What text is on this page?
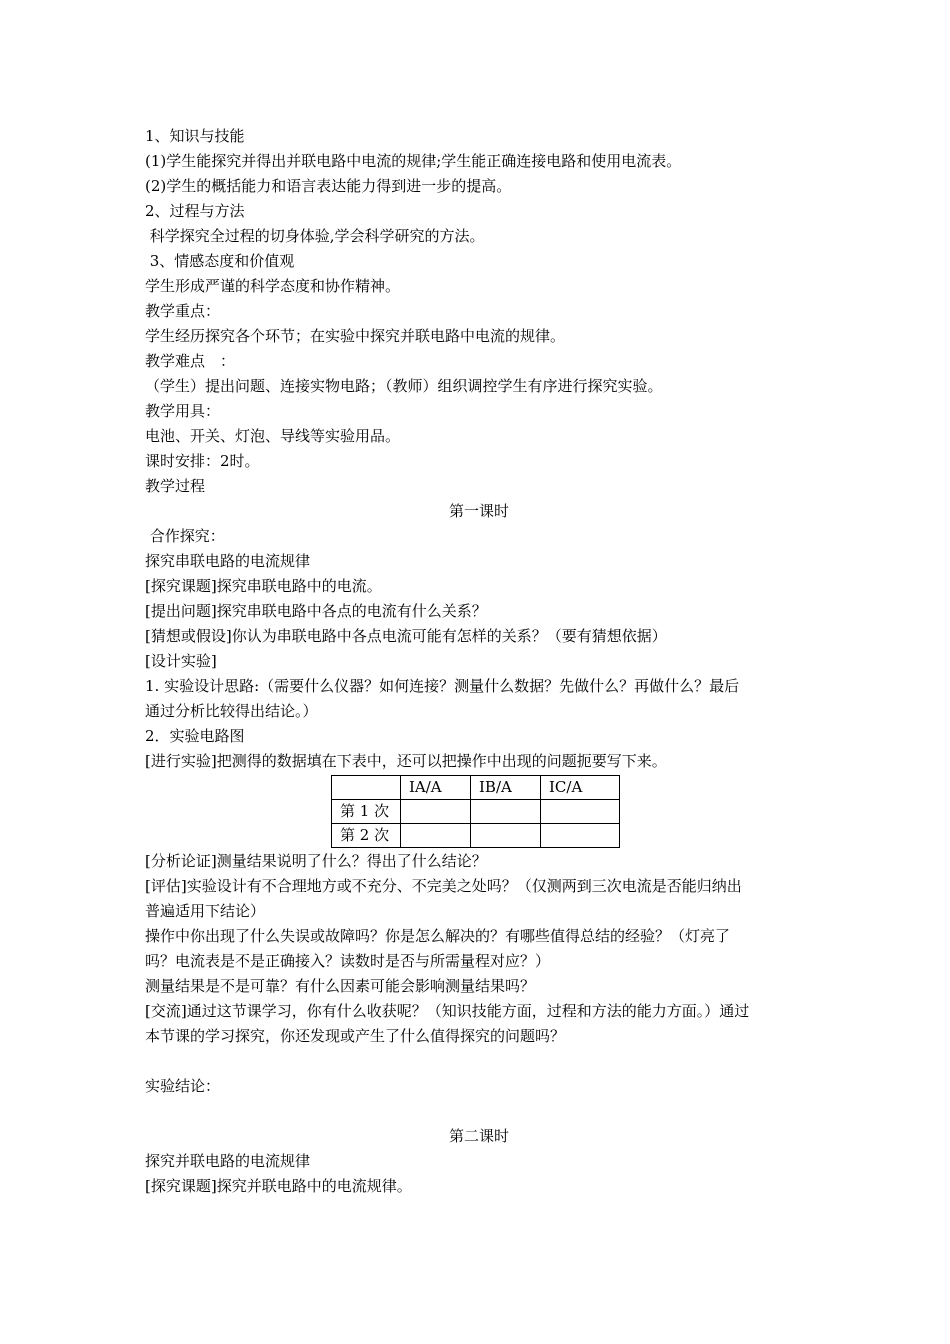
1、知识与技能
(1)学生能探究并得出并联电路中电流的规律;学生能正确连接电路和使用电流表。
(2)学生的概括能力和语言表达能力得到进一步的提高。
2、过程与方法
科学探究全过程的切身体验,学会科学研究的方法。
3、情感态度和价值观
学生形成严谨的科学态度和协作精神。
教学重点：
学生经历探究各个环节；在实验中探究并联电路中电流的规律。
教学难点　：
（学生）提出问题、连接实物电路；（教师）组织调控学生有序进行探究实验。
教学用具：
电池、开关、灯泡、导线等实验用品。
课时安排：2时。
教学过程
第一课时
合作探究：
探究串联电路的电流规律
[探究课题]探究串联电路中的电流。
[提出问题]探究串联电路中各点的电流有什么关系？
[猜想或假设]你认为串联电路中各点电流可能有怎样的关系？（要有猜想依据）
[设计实验]
1. 实验设计思路:（需要什么仪器？如何连接？测量什么数据？先做什么？再做什么？最后
通过分析比较得出结论。）
2．实验电路图
[进行实验]把测得的数据填在下表中，还可以把操作中出现的问题扼要写下来。
	IA/A	IB/A	IC/A
第 1 次			
第 2 次			
[分析论证]测量结果说明了什么？得出了什么结论？
[评估]实验设计有不合理地方或不充分、不完美之处吗？（仅测两到三次电流是否能归纳出
普遍适用下结论）
操作中你出现了什么失误或故障吗？你是怎么解决的？有哪些值得总结的经验？（灯亮了
吗？电流表是不是正确接入？读数时是否与所需量程对应？）
测量结果是不是可靠？有什么因素可能会影响测量结果吗？
[交流]通过这节课学习，你有什么收获呢？（知识技能方面，过程和方法的能力方面。）通过
本节课的学习探究，你还发现或产生了什么值得探究的问题吗？
实验结论：
第二课时
探究并联电路的电流规律
[探究课题]探究并联电路中的电流规律。
